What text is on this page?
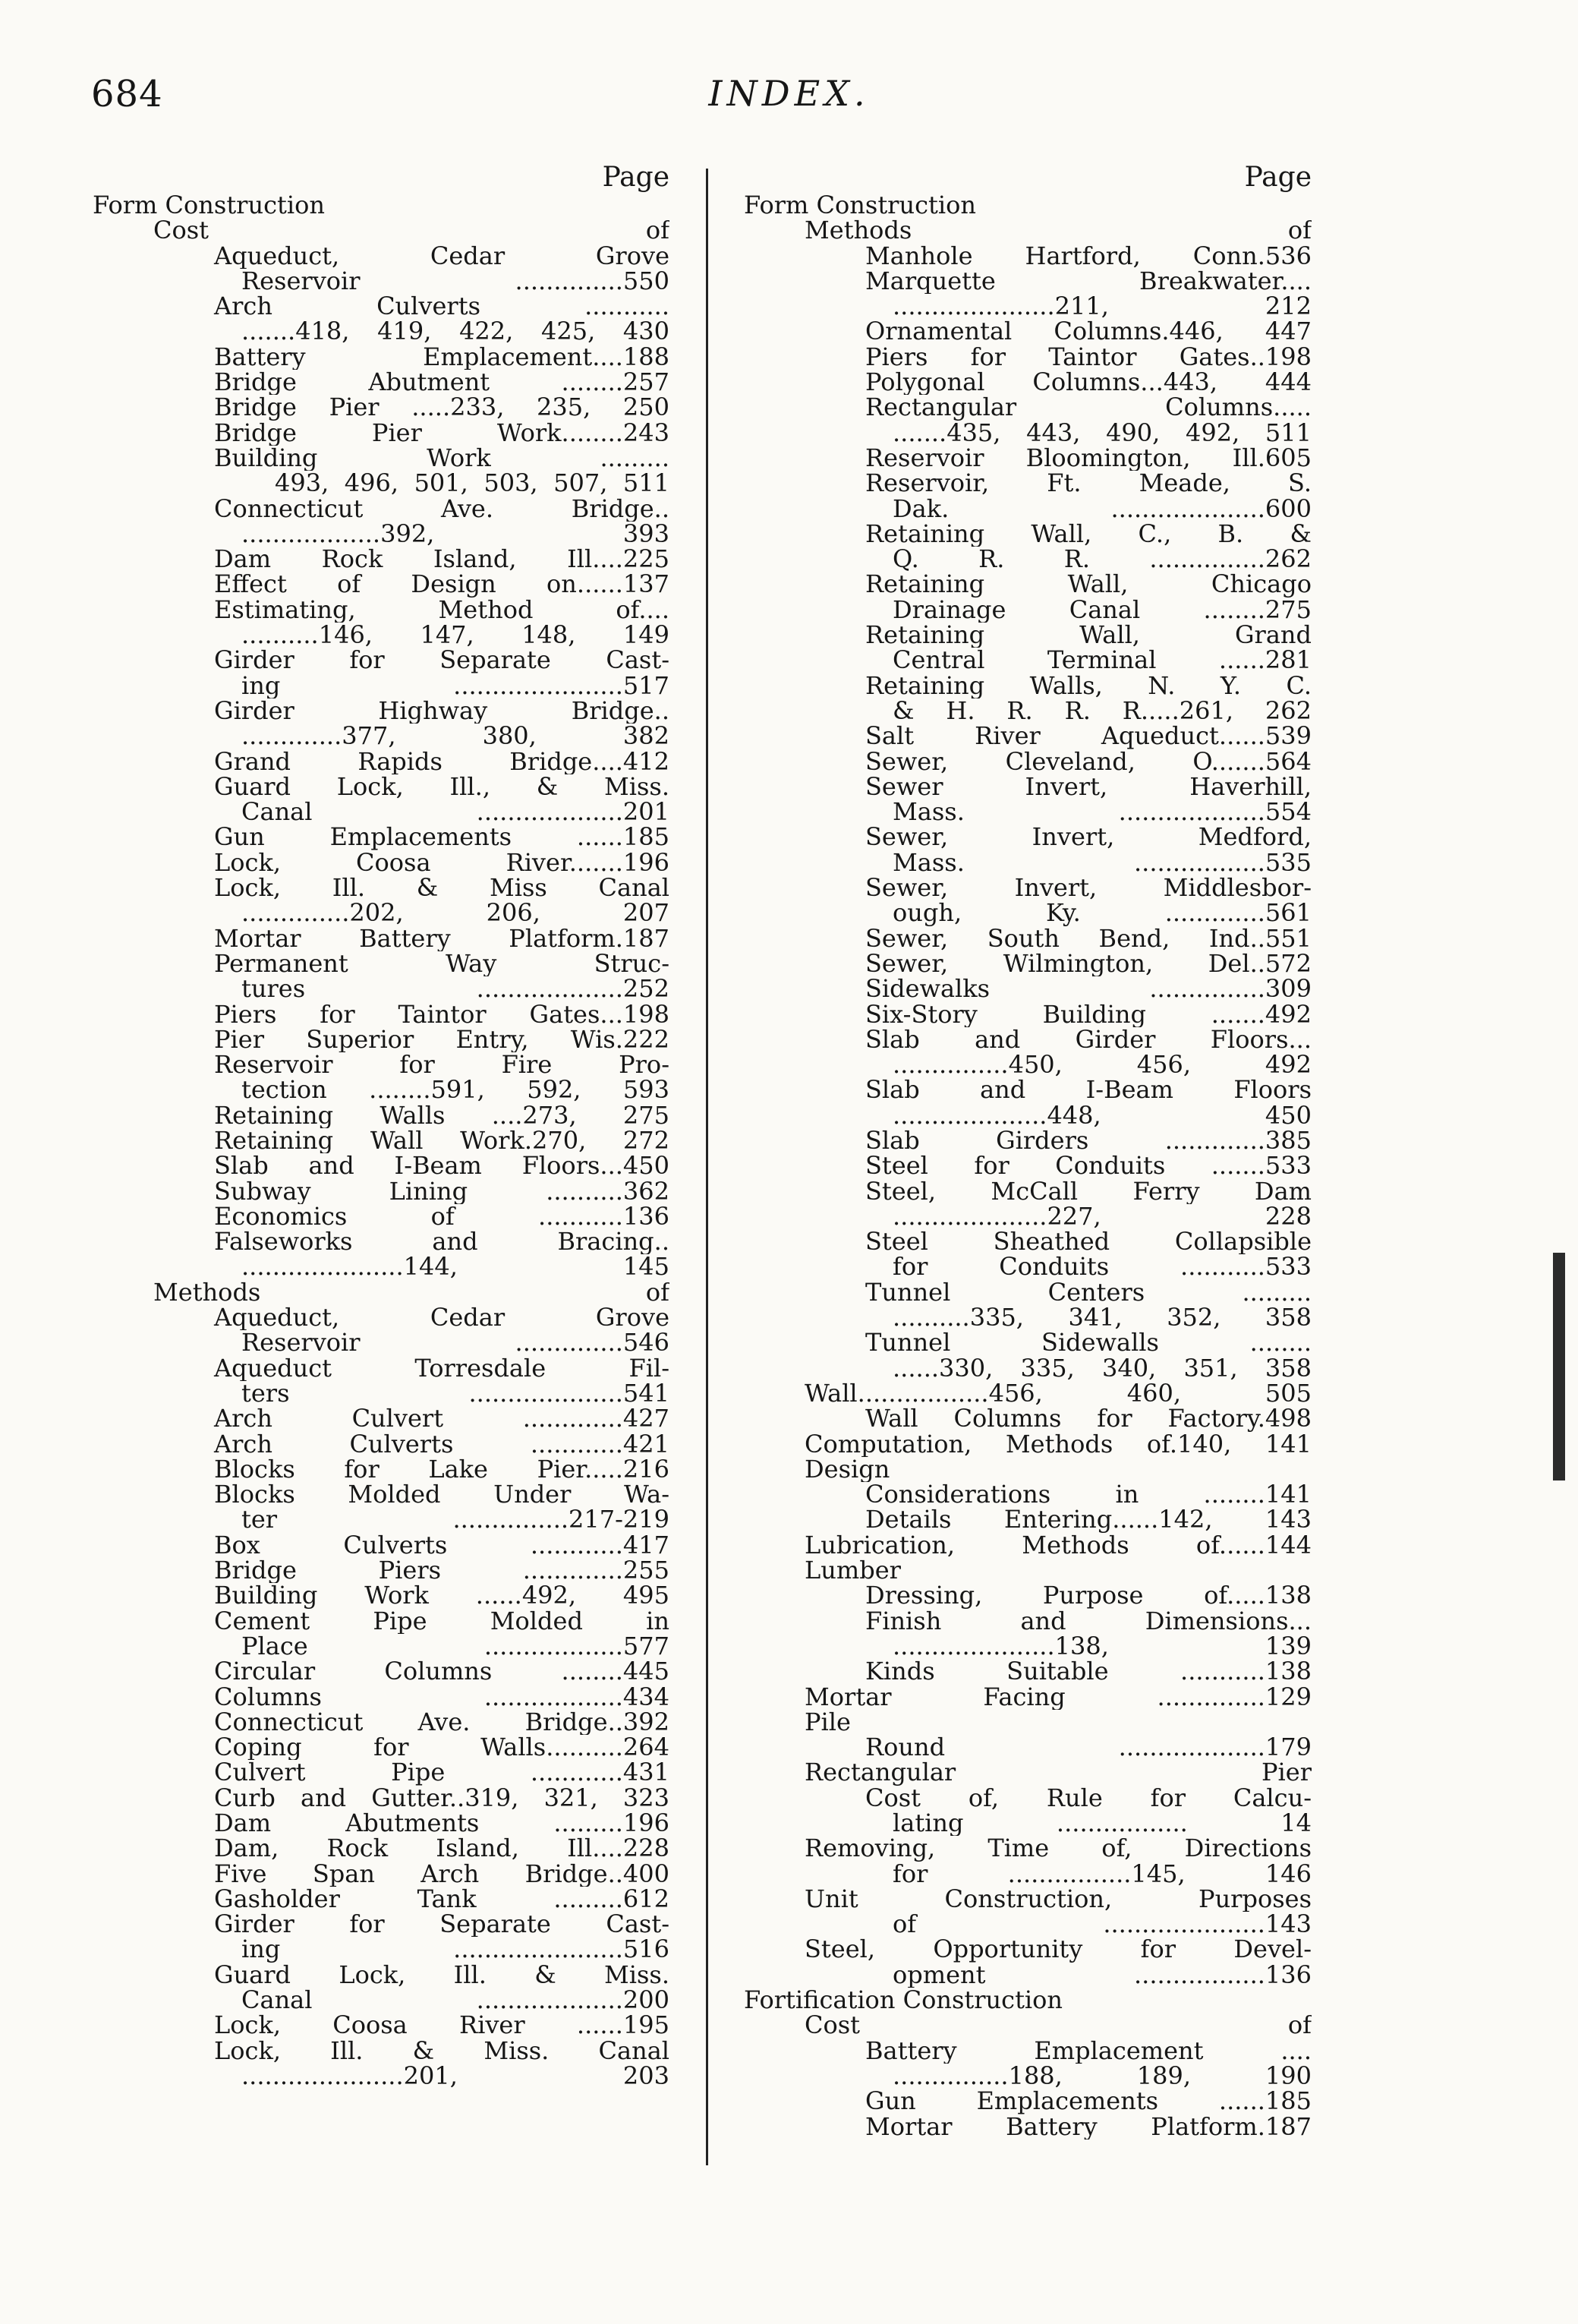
684	INDEX.
Page
Form Construction
Cost of
Aqueduct, Cedar Grove
Reservoir ..............550
Arch Culverts ...........
.......418, 419, 422, 425, 430
Battery Emplacement....188
Bridge Abutment ........257
Bridge Pier .....233, 235, 250
Bridge Pier Work........243
Building Work .........
493, 496, 501, 503, 507, 511
Connecticut Ave. Bridge..
..................392, 393
Dam Rock Island, Ill....225
Effect of Design on......137
Estimating, Method of....
..........146, 147, 148, 149
Girder for Separate Cast-
ing ......................517
Girder Highway Bridge..
.............377, 380, 382
Grand Rapids Bridge....412
Guard Lock, Ill., & Miss.
Canal ...................201
Gun Emplacements ......185
Lock, Coosa River.......196
Lock, Ill. & Miss Canal
..............202, 206, 207
Mortar Battery Platform.187
Permanent Way Struc-
tures ...................252
Piers for Taintor Gates...198
Pier Superior Entry, Wis.222
Reservoir for Fire Pro-
tection ........591, 592, 593
Retaining Walls ....273, 275
Retaining Wall Work.270, 272
Slab and I-Beam Floors...450
Subway Lining ..........362
Economics of ...........136
Falseworks and Bracing..
.....................144, 145
Methods of
Aqueduct, Cedar Grove
Reservoir ..............546
Aqueduct Torresdale Fil-
ters ....................541
Arch Culvert .............427
Arch Culverts ............421
Blocks for Lake Pier.....216
Blocks Molded Under Wa-
ter ...............217-219
Box Culverts ............417
Bridge Piers .............255
Building Work ......492, 495
Cement Pipe Molded in
Place ..................577
Circular Columns ........445
Columns ..................434
Connecticut Ave. Bridge..392
Coping for Walls..........264
Culvert Pipe ............431
Curb and Gutter..319, 321, 323
Dam Abutments .........196
Dam, Rock Island, Ill....228
Five Span Arch Bridge..400
Gasholder Tank .........612
Girder for Separate Cast-
ing ......................516
Guard Lock, Ill. & Miss.
Canal ...................200
Lock, Coosa River ......195
Lock, Ill. & Miss. Canal
.....................201, 203
Page
Form Construction
Methods of
Manhole Hartford, Conn.536
Marquette Breakwater....
.....................211, 212
Ornamental Columns.446, 447
Piers for Taintor Gates..198
Polygonal Columns...443, 444
Rectangular Columns.....
.......435, 443, 490, 492, 511
Reservoir Bloomington, Ill.605
Reservoir, Ft. Meade, S.
Dak. ....................600
Retaining Wall, C., B. &
Q. R. R. ...............262
Retaining Wall, Chicago
Drainage Canal ........275
Retaining Wall, Grand
Central Terminal ......281
Retaining Walls, N. Y. C.
& H. R. R. R.....261, 262
Salt River Aqueduct......539
Sewer, Cleveland, O.......564
Sewer Invert, Haverhill,
Mass. ...................554
Sewer, Invert, Medford,
Mass. .................535
Sewer, Invert, Middlesbor-
ough, Ky. .............561
Sewer, South Bend, Ind..551
Sewer, Wilmington, Del..572
Sidewalks ...............309
Six-Story Building .......492
Slab and Girder Floors...
...............450, 456, 492
Slab and I-Beam Floors
....................448, 450
Slab Girders .............385
Steel for Conduits .......533
Steel, McCall Ferry Dam
....................227, 228
Steel Sheathed Collapsible
for Conduits ...........533
Tunnel Centers .........
..........335, 341, 352, 358
Tunnel Sidewalls ........
......330, 335, 340, 351, 358
Wall.................456, 460, 505
Wall Columns for Factory.498
Computation, Methods of.140, 141
Design
Considerations in ........141
Details Entering......142, 143
Lubrication, Methods of......144
Lumber
Dressing, Purpose of.....138
Finish and Dimensions...
.....................138, 139
Kinds Suitable ...........138
Mortar Facing ..............129
Pile
Round ...................179
Rectangular Pier
Cost of, Rule for Calcu-
lating ................. 14
Removing, Time of, Directions
for ................145, 146
Unit Construction, Purposes
of .....................143
Steel, Opportunity for Devel-
opment .................136
Fortification Construction
Cost of
Battery Emplacement ....
...............188, 189, 190
Gun Emplacements ......185
Mortar Battery Platform.187
